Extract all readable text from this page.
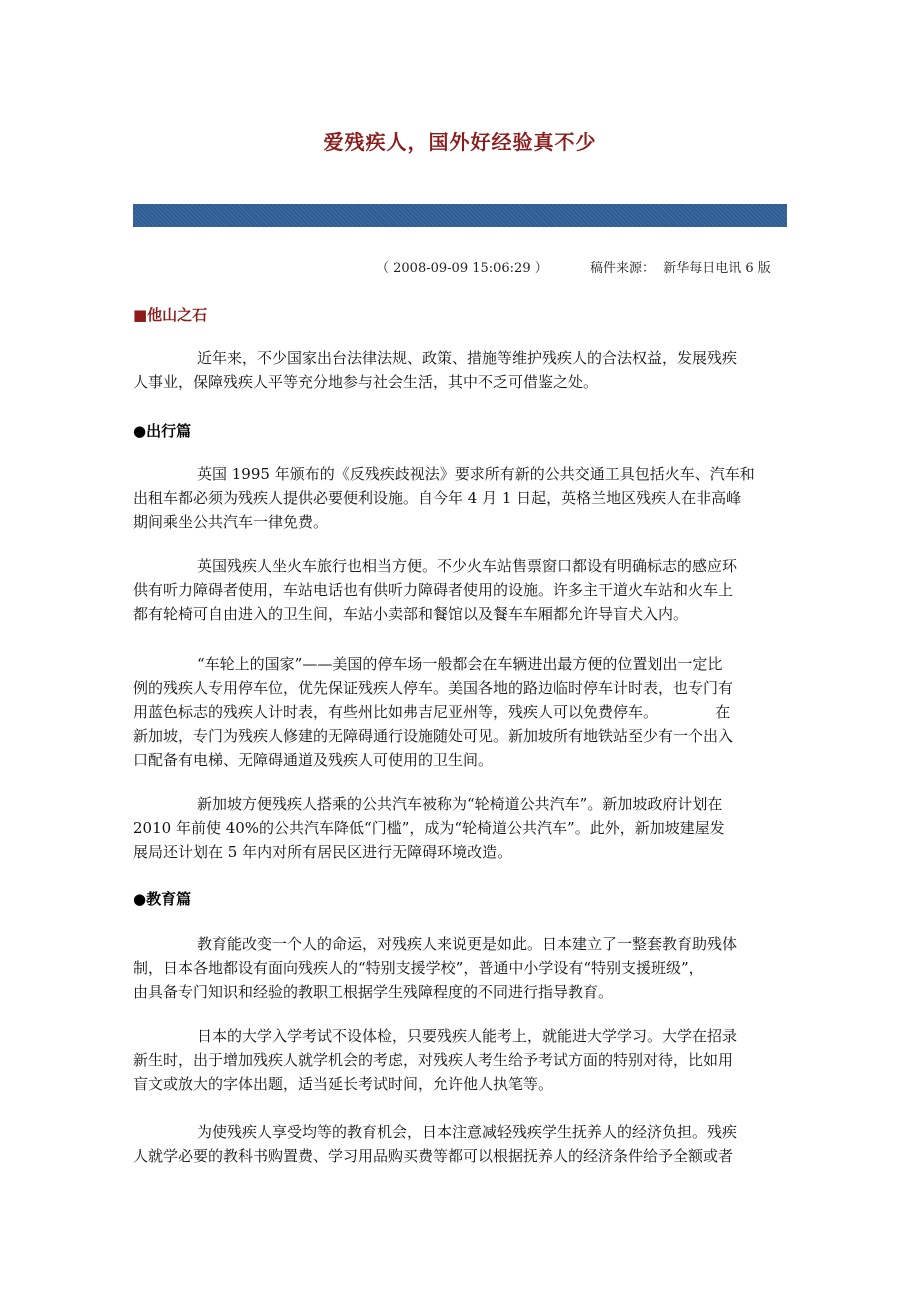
爱残疾人，国外好经验真不少
（ 2008-09-09 15:06:29 ）	稿件来源：  新华每日电讯 6 版
■他山之石
近年来，不少国家出台法律法规、政策、措施等维护残疾人的合法权益，发展残疾
人事业，保障残疾人平等充分地参与社会生活，其中不乏可借鉴之处。
●出行篇
英国 1995 年颁布的《反残疾歧视法》要求所有新的公共交通工具包括火车、汽车和
出租车都必须为残疾人提供必要便利设施。自今年 4 月 1 日起，英格兰地区残疾人在非高峰
期间乘坐公共汽车一律免费。
英国残疾人坐火车旅行也相当方便。不少火车站售票窗口都设有明确标志的感应环
供有听力障碍者使用，车站电话也有供听力障碍者使用的设施。许多主干道火车站和火车上
都有轮椅可自由进入的卫生间，车站小卖部和餐馆以及餐车车厢都允许导盲犬入内。
“车轮上的国家”——美国的停车场一般都会在车辆进出最方便的位置划出一定比
例的残疾人专用停车位，优先保证残疾人停车。美国各地的路边临时停车计时表，也专门有
用蓝色标志的残疾人计时表，有些州比如弗吉尼亚州等，残疾人可以免费停车。            在
新加坡，专门为残疾人修建的无障碍通行设施随处可见。新加坡所有地铁站至少有一个出入
口配备有电梯、无障碍通道及残疾人可使用的卫生间。
新加坡方便残疾人搭乘的公共汽车被称为“轮椅道公共汽车”。新加坡政府计划在
2010 年前使 40%的公共汽车降低“门槛”，成为“轮椅道公共汽车”。此外，新加坡建屋发
展局还计划在 5 年内对所有居民区进行无障碍环境改造。
●教育篇
教育能改变一个人的命运，对残疾人来说更是如此。日本建立了一整套教育助残体
制，日本各地都设有面向残疾人的“特别支援学校”，普通中小学设有“特别支援班级”，
由具备专门知识和经验的教职工根据学生残障程度的不同进行指导教育。
日本的大学入学考试不设体检，只要残疾人能考上，就能进大学学习。大学在招录
新生时，出于增加残疾人就学机会的考虑，对残疾人考生给予考试方面的特别对待，比如用
盲文或放大的字体出题，适当延长考试时间，允许他人执笔等。
为使残疾人享受均等的教育机会，日本注意减轻残疾学生抚养人的经济负担。残疾
人就学必要的教科书购置费、学习用品购买费等都可以根据抚养人的经济条件给予全额或者
